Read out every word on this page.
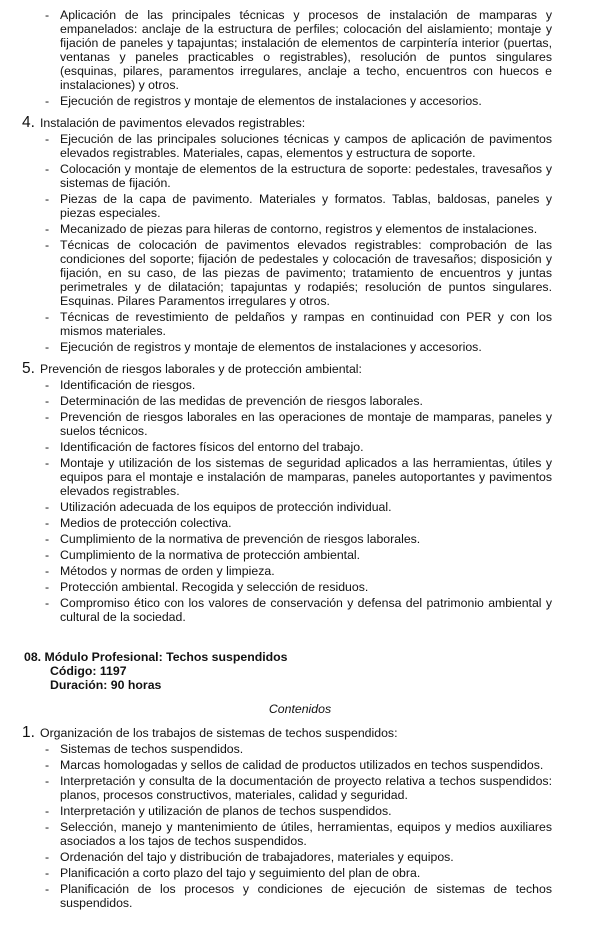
- Aplicación de las principales técnicas y procesos de instalación de mamparas y empanelados: anclaje de la estructura de perfiles; colocación del aislamiento; montaje y fijación de paneles y tapajuntas; instalación de elementos de carpintería interior (puertas, ventanas y paneles practicables o registrables), resolución de puntos singulares (esquinas, pilares, paramentos irregulares, anclaje a techo, encuentros con huecos e instalaciones) y otros.
- Ejecución de registros y montaje de elementos de instalaciones y accesorios.
4. Instalación de pavimentos elevados registrables:
- Ejecución de las principales soluciones técnicas y campos de aplicación de pavimentos elevados registrables. Materiales, capas, elementos y estructura de soporte.
- Colocación y montaje de elementos de la estructura de soporte: pedestales, travesaños y sistemas de fijación.
- Piezas de la capa de pavimento. Materiales y formatos. Tablas, baldosas, paneles y piezas especiales.
- Mecanizado de piezas para hileras de contorno, registros y elementos de instalaciones.
- Técnicas de colocación de pavimentos elevados registrables: comprobación de las condiciones del soporte; fijación de pedestales y colocación de travesaños; disposición y fijación, en su caso, de las piezas de pavimento; tratamiento de encuentros y juntas perimetrales y de dilatación; tapajuntas y rodapiés; resolución de puntos singulares. Esquinas. Pilares Paramentos irregulares y otros.
- Técnicas de revestimiento de peldaños y rampas en continuidad con PER y con los mismos materiales.
- Ejecución de registros y montaje de elementos de instalaciones y accesorios.
5. Prevención de riesgos laborales y de protección ambiental:
- Identificación de riesgos.
- Determinación de las medidas de prevención de riesgos laborales.
- Prevención de riesgos laborales en las operaciones de montaje de mamparas, paneles y suelos técnicos.
- Identificación de factores físicos del entorno del trabajo.
- Montaje y utilización de los sistemas de seguridad aplicados a las herramientas, útiles y equipos para el montaje e instalación de mamparas, paneles autoportantes y pavimentos elevados registrables.
- Utilización adecuada de los equipos de protección individual.
- Medios de protección colectiva.
- Cumplimiento de la normativa de prevención de riesgos laborales.
- Cumplimiento de la normativa de protección ambiental.
- Métodos y normas de orden y limpieza.
- Protección ambiental. Recogida y selección de residuos.
- Compromiso ético con los valores de conservación y defensa del patrimonio ambiental y cultural de la sociedad.
08. Módulo Profesional: Techos suspendidos
Código: 1197
Duración: 90 horas
Contenidos
1. Organización de los trabajos de sistemas de techos suspendidos:
- Sistemas de techos suspendidos.
- Marcas homologadas y sellos de calidad de productos utilizados en techos suspendidos.
- Interpretación y consulta de la documentación de proyecto relativa a techos suspendidos: planos, procesos constructivos, materiales, calidad y seguridad.
- Interpretación y utilización de planos de techos suspendidos.
- Selección, manejo y mantenimiento de útiles, herramientas, equipos y medios auxiliares asociados a los tajos de techos suspendidos.
- Ordenación del tajo y distribución de trabajadores, materiales y equipos.
- Planificación a corto plazo del tajo y seguimiento del plan de obra.
- Planificación de los procesos y condiciones de ejecución de sistemas de techos suspendidos.
